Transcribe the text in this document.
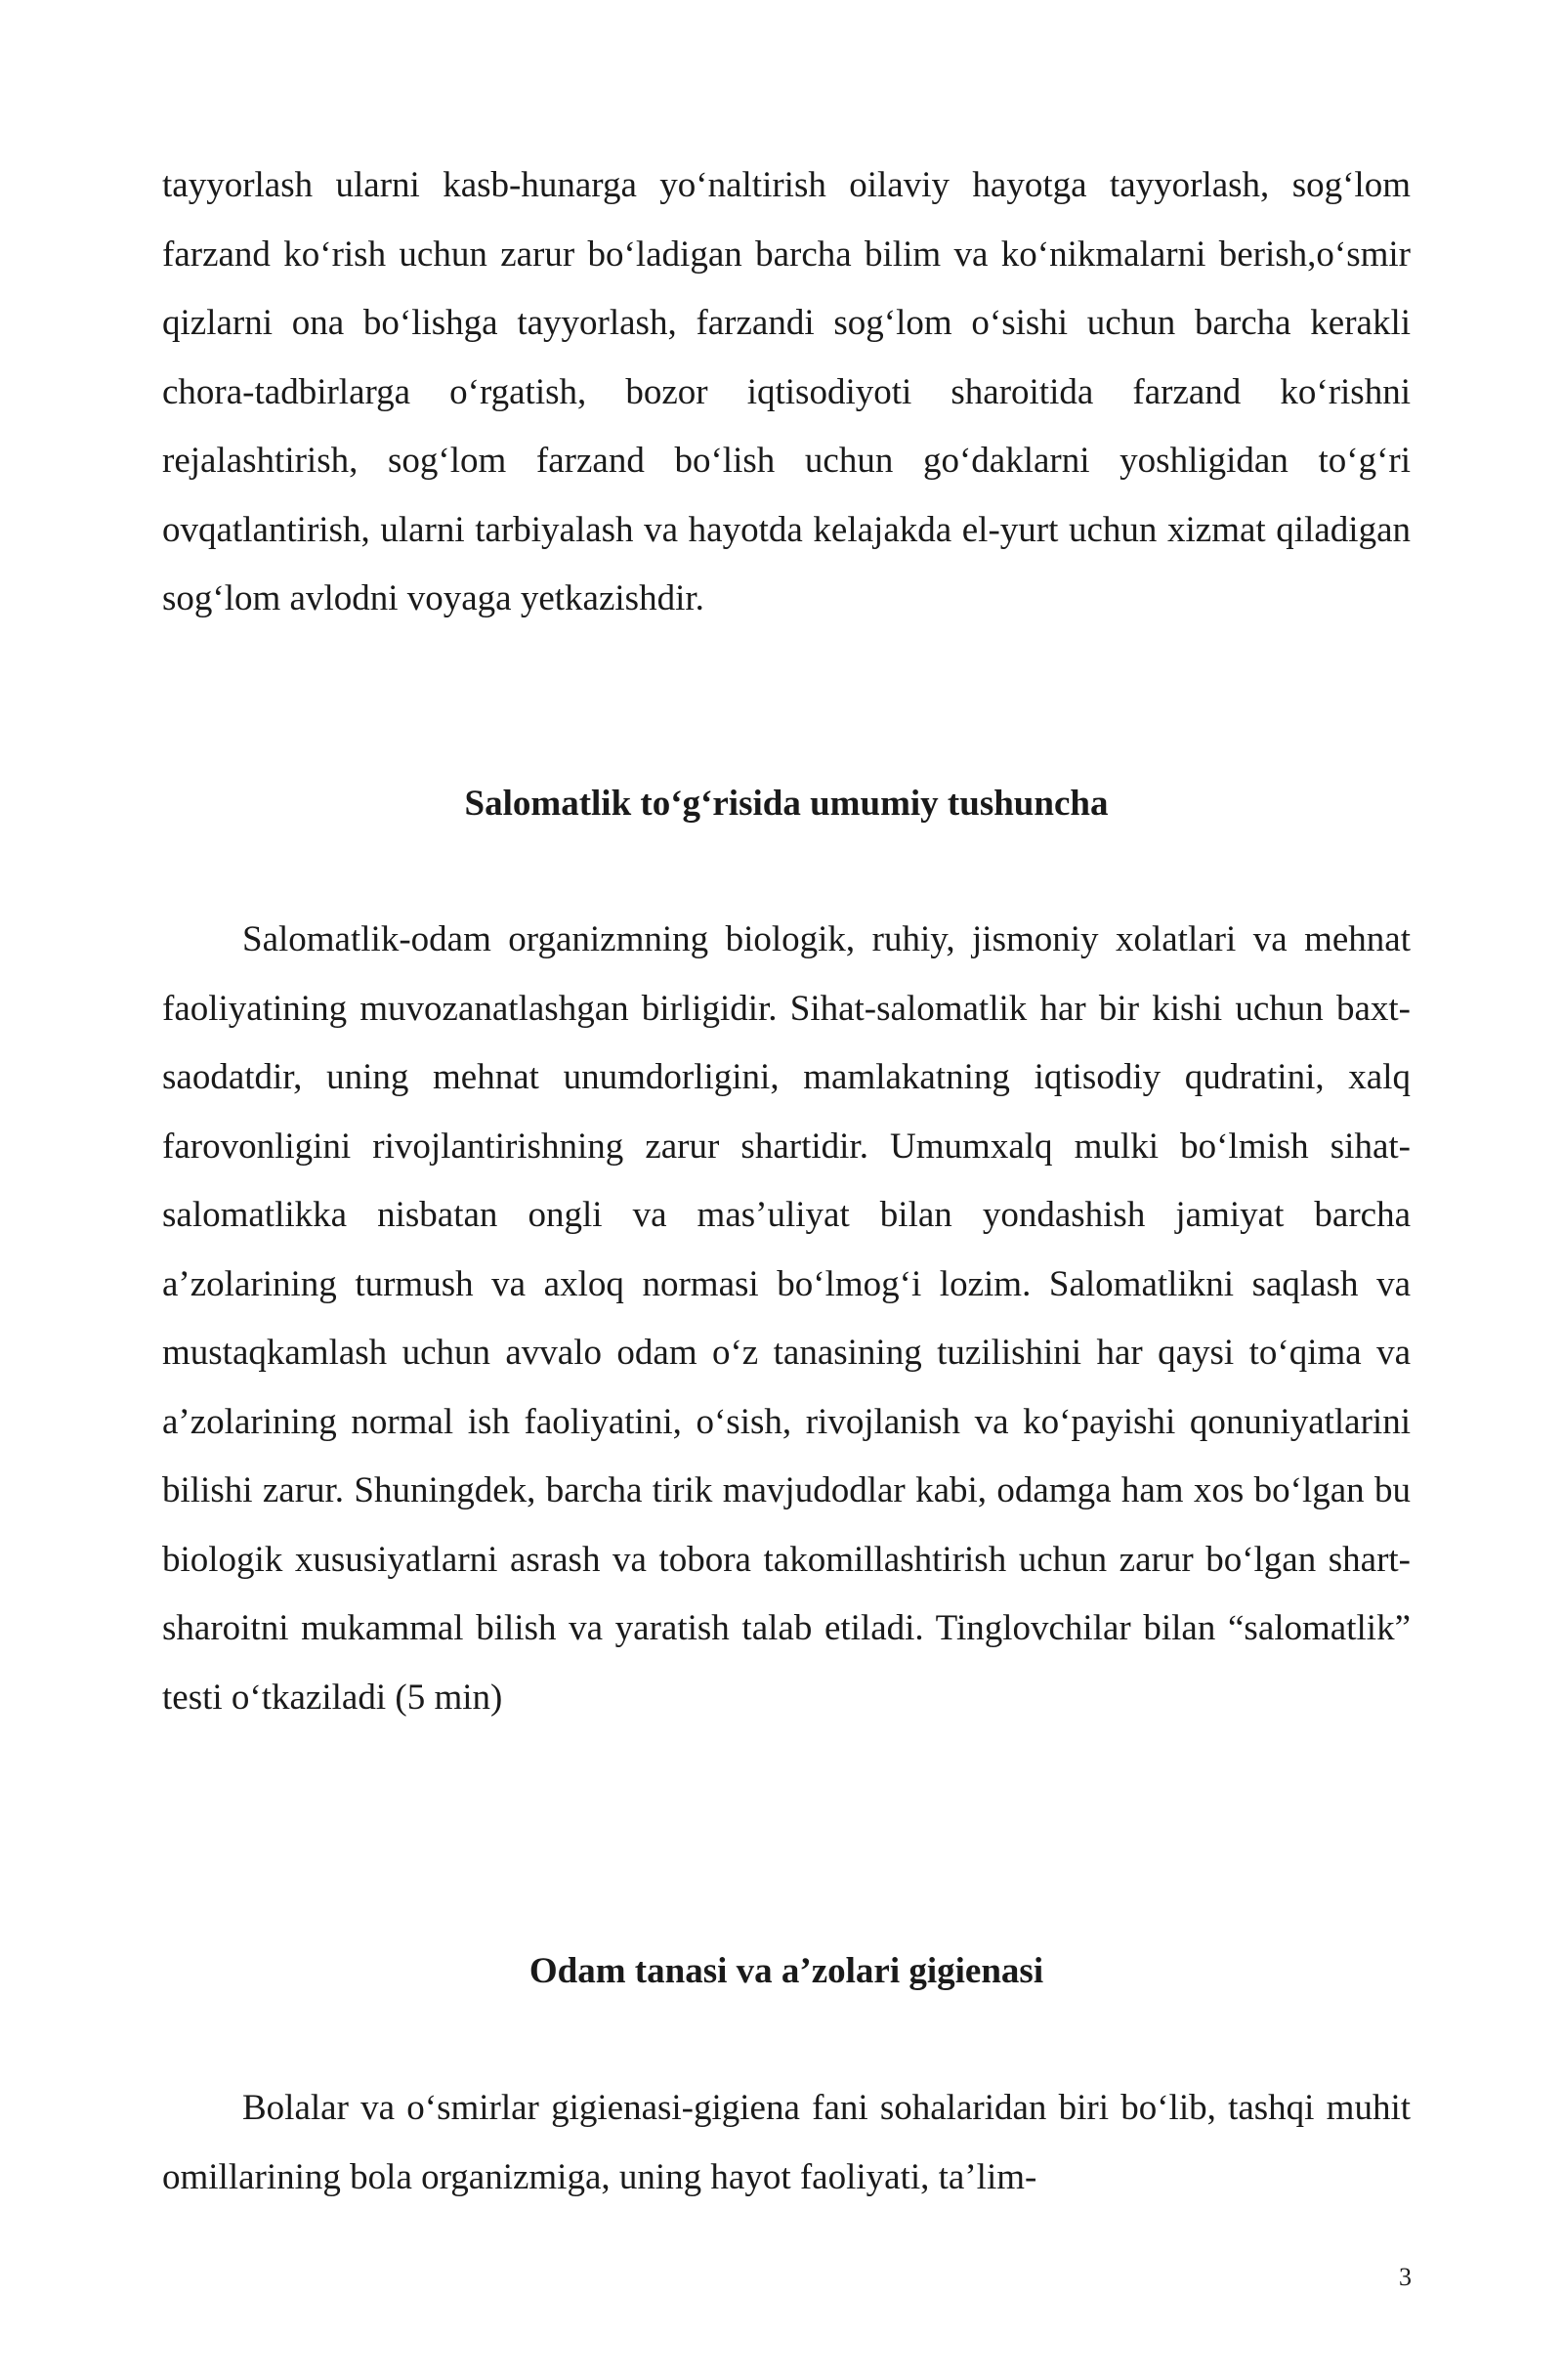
tayyorlash ularni kasb-hunarga yo‘naltirish oilaviy hayotga tayyorlash, sog‘lom farzand ko‘rish uchun zarur bo‘ladigan barcha bilim va ko‘nikmalarni berish,o‘smir qizlarni ona bo‘lishga tayyorlash, farzandi sog‘lom o‘sishi uchun barcha kerakli chora-tadbirlarga o‘rgatish, bozor iqtisodiyoti sharoitida farzand ko‘rishni rejalashtirish, sog‘lom farzand bo‘lish uchun go‘daklarni yoshligidan to‘g‘ri ovqatlantirish, ularni tarbiyalash va hayotda kelajakda el-yurt uchun xizmat qiladigan sog‘lom avlodni voyaga yetkazishdir.

Salomatlik to‘g‘risida umumiy tushuncha

Salomatlik-odam organizmning biologik, ruhiy, jismoniy xolatlari va mehnat faoliyatining muvozanatlashgan birligidir. Sihat-salomatlik har bir kishi uchun baxt-saodatdir, uning mehnat unumdorligini, mamlakatning iqtisodiy qudratini, xalq farovonligini rivojlantirishning zarur shartidir. Umumxalq mulki bo‘lmish sihat-salomatlikka nisbatan ongli va mas’uliyat bilan yondashish jamiyat barcha a’zolarining turmush va axloq normasi bo‘lmog‘i lozim. Salomatlikni saqlash va mustaqkamlash uchun avvalo odam o‘z tanasining tuzilishini har qaysi to‘qima va a’zolarining normal ish faoliyatini, o‘sish, rivojlanish va ko‘payishi qonuniyatlarini bilishi zarur. Shuningdek, barcha tirik mavjudodlar kabi, odamga ham xos bo‘lgan bu biologik xususiyatlarni asrash va tobora takomillashtirish uchun zarur bo‘lgan shart-sharoitni mukammal bilish va yaratish talab etiladi. Tinglovchilar bilan “salomatlik” testi o‘tkaziladi (5 min)

Odam tanasi va a’zolari gigienasi

Bolalar va o‘smirlar gigienasi-gigiena fani sohalaridan biri bo‘lib, tashqi muhit omillarining bola organizmiga, uning hayot faoliyati, ta’lim-

3
